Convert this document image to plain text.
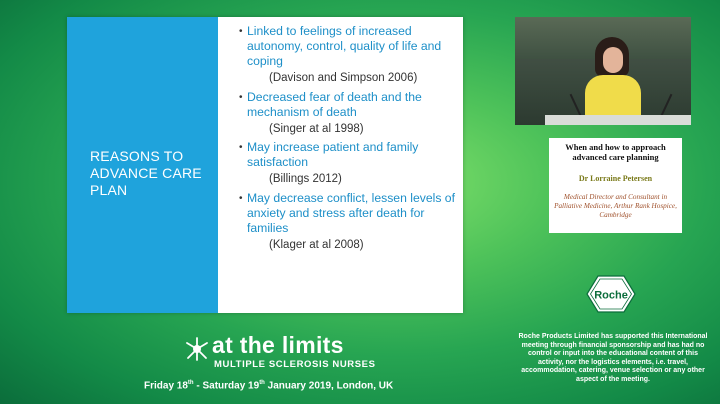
REASONS TO ADVANCE CARE PLAN
• Linked to feelings of increased autonomy, control, quality of life and coping
(Davison and Simpson 2006)
• Decreased fear of death and the mechanism of death
(Singer at al 1998)
• May increase patient and family satisfaction
(Billings 2012)
• May decrease conflict, lessen levels of anxiety and stress after death for families
(Klager at al 2008)
When and how to approach advanced care planning
Dr Lorraine Petersen
Medical Director and Consultant in Palliative Medicine, Arthur Rank Hospice, Cambridge
Roche
at the limits
MULTIPLE SCLEROSIS NURSES
Friday 18th - Saturday 19th January 2019, London, UK
Roche Products Limited has supported this International meeting through financial sponsorship and has had no control or input into the educational content of this activity, nor the logistics elements, i.e. travel, accommodation, catering, venue selection or any other aspect of the meeting.
